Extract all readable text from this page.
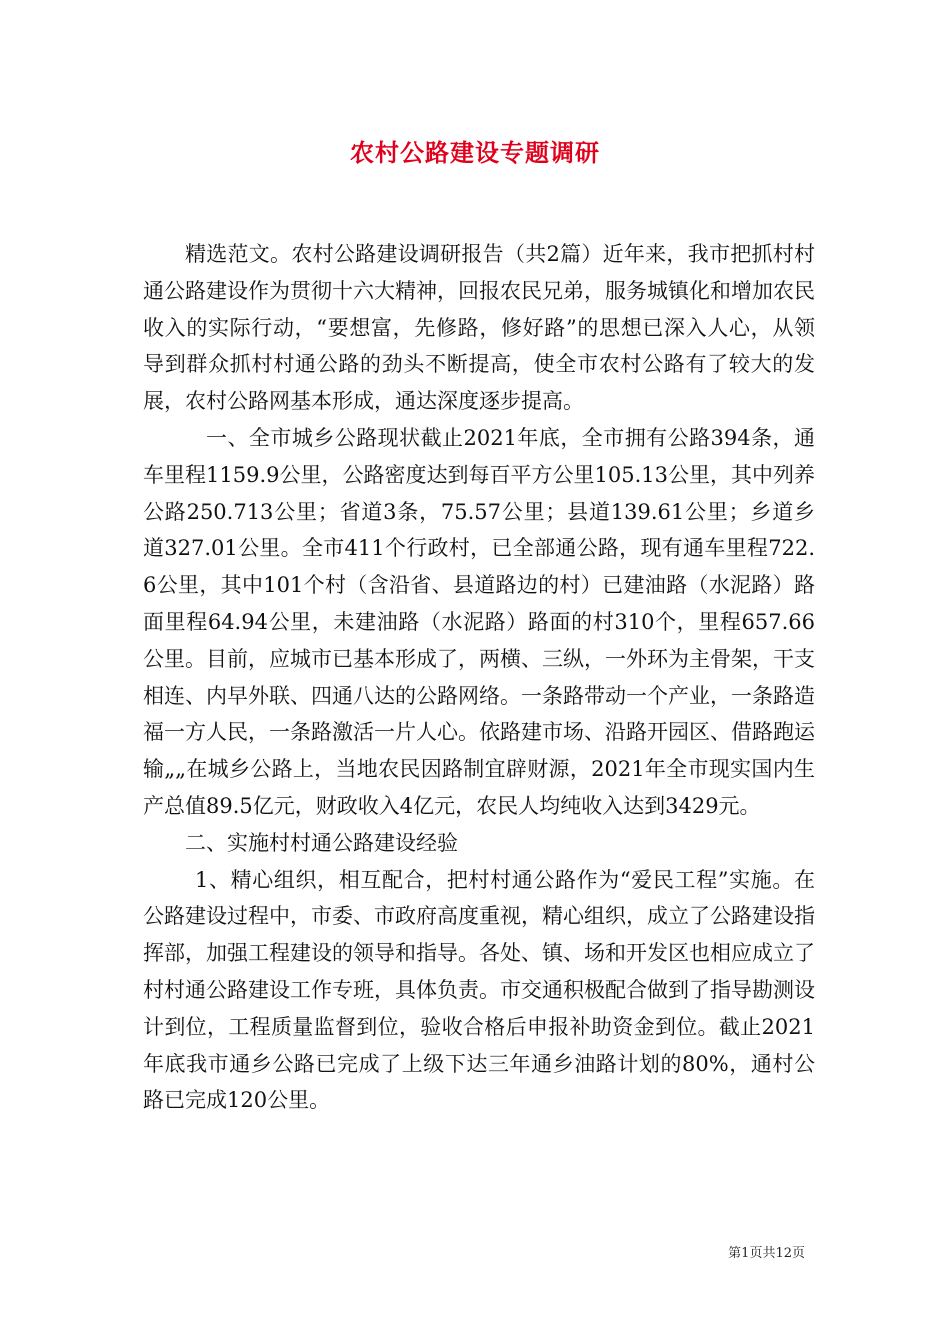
农村公路建设专题调研

精选范文。农村公路建设调研报告（共2篇）近年来，我市把抓村村通公路建设作为贯彻十六大精神，回报农民兄弟，服务城镇化和增加农民收入的实际行动，“要想富，先修路，修好路”的思想已深入人心，从领导到群众抓村村通公路的劲头不断提高，使全市农村公路有了较大的发展，农村公路网基本形成，通达深度逐步提高。

一、全市城乡公路现状截止2021年底，全市拥有公路394条，通车里程1159.9公里，公路密度达到每百平方公里105.13公里，其中列养公路250.713公里；省道3条，75.57公里；县道139.61公里；乡道乡道327.01公里。全市411个行政村，已全部通公路，现有通车里程722.6公里，其中101个村（含沿省、县道路边的村）已建油路（水泥路）路面里程64.94公里，未建油路（水泥路）路面的村310个，里程657.66公里。目前，应城市已基本形成了，两横、三纵，一外环为主骨架，干支相连、内早外联、四通八达的公路网络。一条路带动一个产业，一条路造福一方人民，一条路激活一片人心。依路建市场、沿路开园区、借路跑运输„„在城乡公路上，当地农民因路制宜辟财源，2021年全市现实国内生产总值89.5亿元，财政收入4亿元，农民人均纯收入达到3429元。

二、实施村村通公路建设经验

1、精心组织，相互配合，把村村通公路作为“爱民工程”实施。在公路建设过程中，市委、市政府高度重视，精心组织，成立了公路建设指挥部，加强工程建设的领导和指导。各处、镇、场和开发区也相应成立了村村通公路建设工作专班，具体负责。市交通积极配合做到了指导勘测设计到位，工程质量监督到位，验收合格后申报补助资金到位。截止2021年底我市通乡公路已完成了上级下达三年通乡油路计划的80%，通村公路已完成120公里。

第1页共12页
